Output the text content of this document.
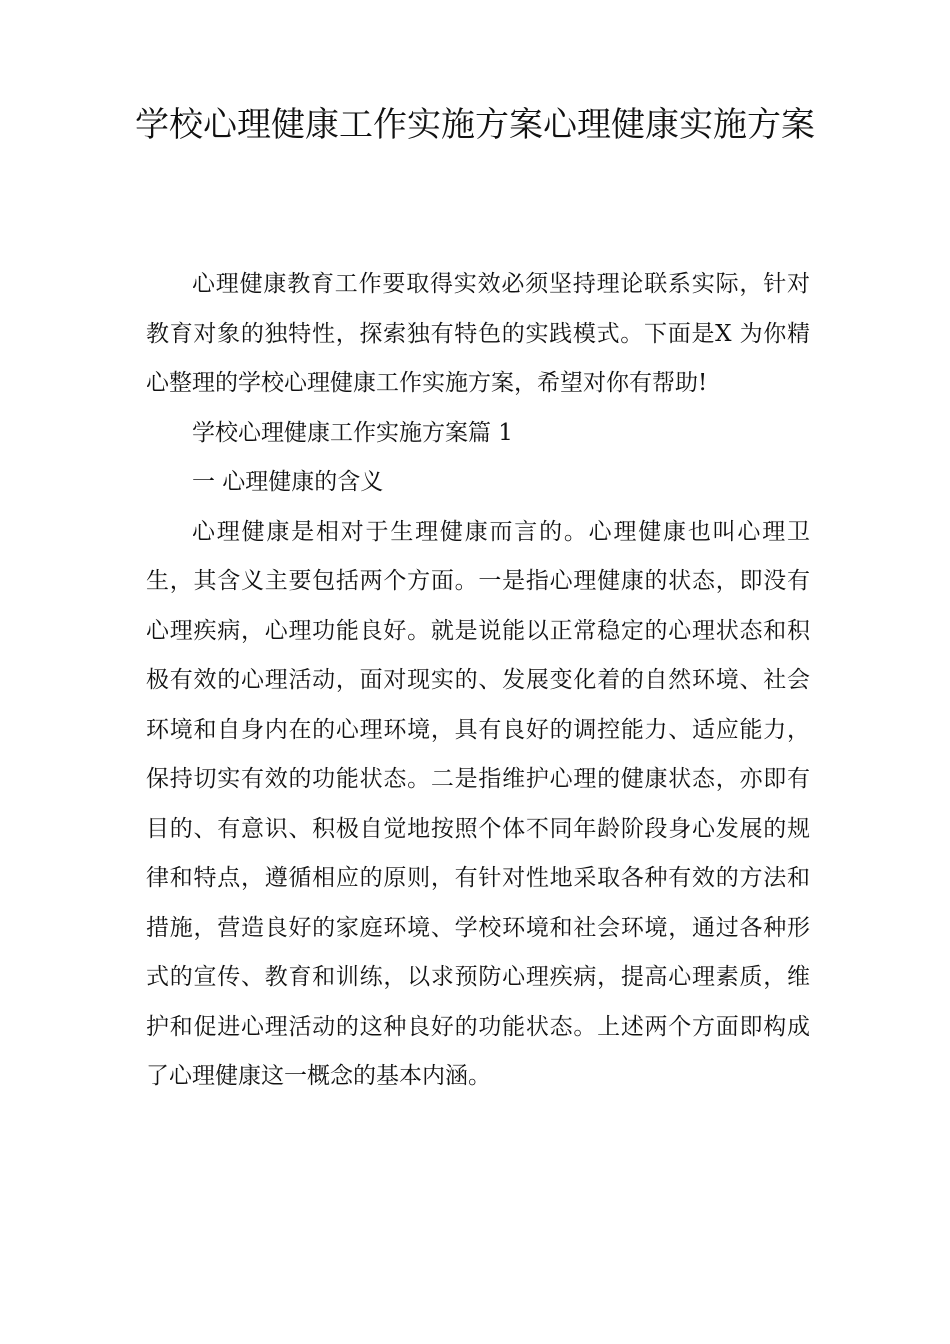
学校心理健康工作实施方案心理健康实施方案

心理健康教育工作要取得实效必须坚持理论联系实际，针对教育对象的独特性，探索独有特色的实践模式。下面是X 为你精心整理的学校心理健康工作实施方案，希望对你有帮助!

学校心理健康工作实施方案篇 1

一 心理健康的含义

心理健康是相对于生理健康而言的。心理健康也叫心理卫生，其含义主要包括两个方面。一是指心理健康的状态，即没有心理疾病，心理功能良好。就是说能以正常稳定的心理状态和积极有效的心理活动，面对现实的、发展变化着的自然环境、社会环境和自身内在的心理环境，具有良好的调控能力、适应能力，保持切实有效的功能状态。二是指维护心理的健康状态，亦即有目的、有意识、积极自觉地按照个体不同年龄阶段身心发展的规律和特点，遵循相应的原则，有针对性地采取各种有效的方法和措施，营造良好的家庭环境、学校环境和社会环境，通过各种形式的宣传、教育和训练，以求预防心理疾病，提高心理素质，维护和促进心理活动的这种良好的功能状态。上述两个方面即构成了心理健康这一概念的基本内涵。
